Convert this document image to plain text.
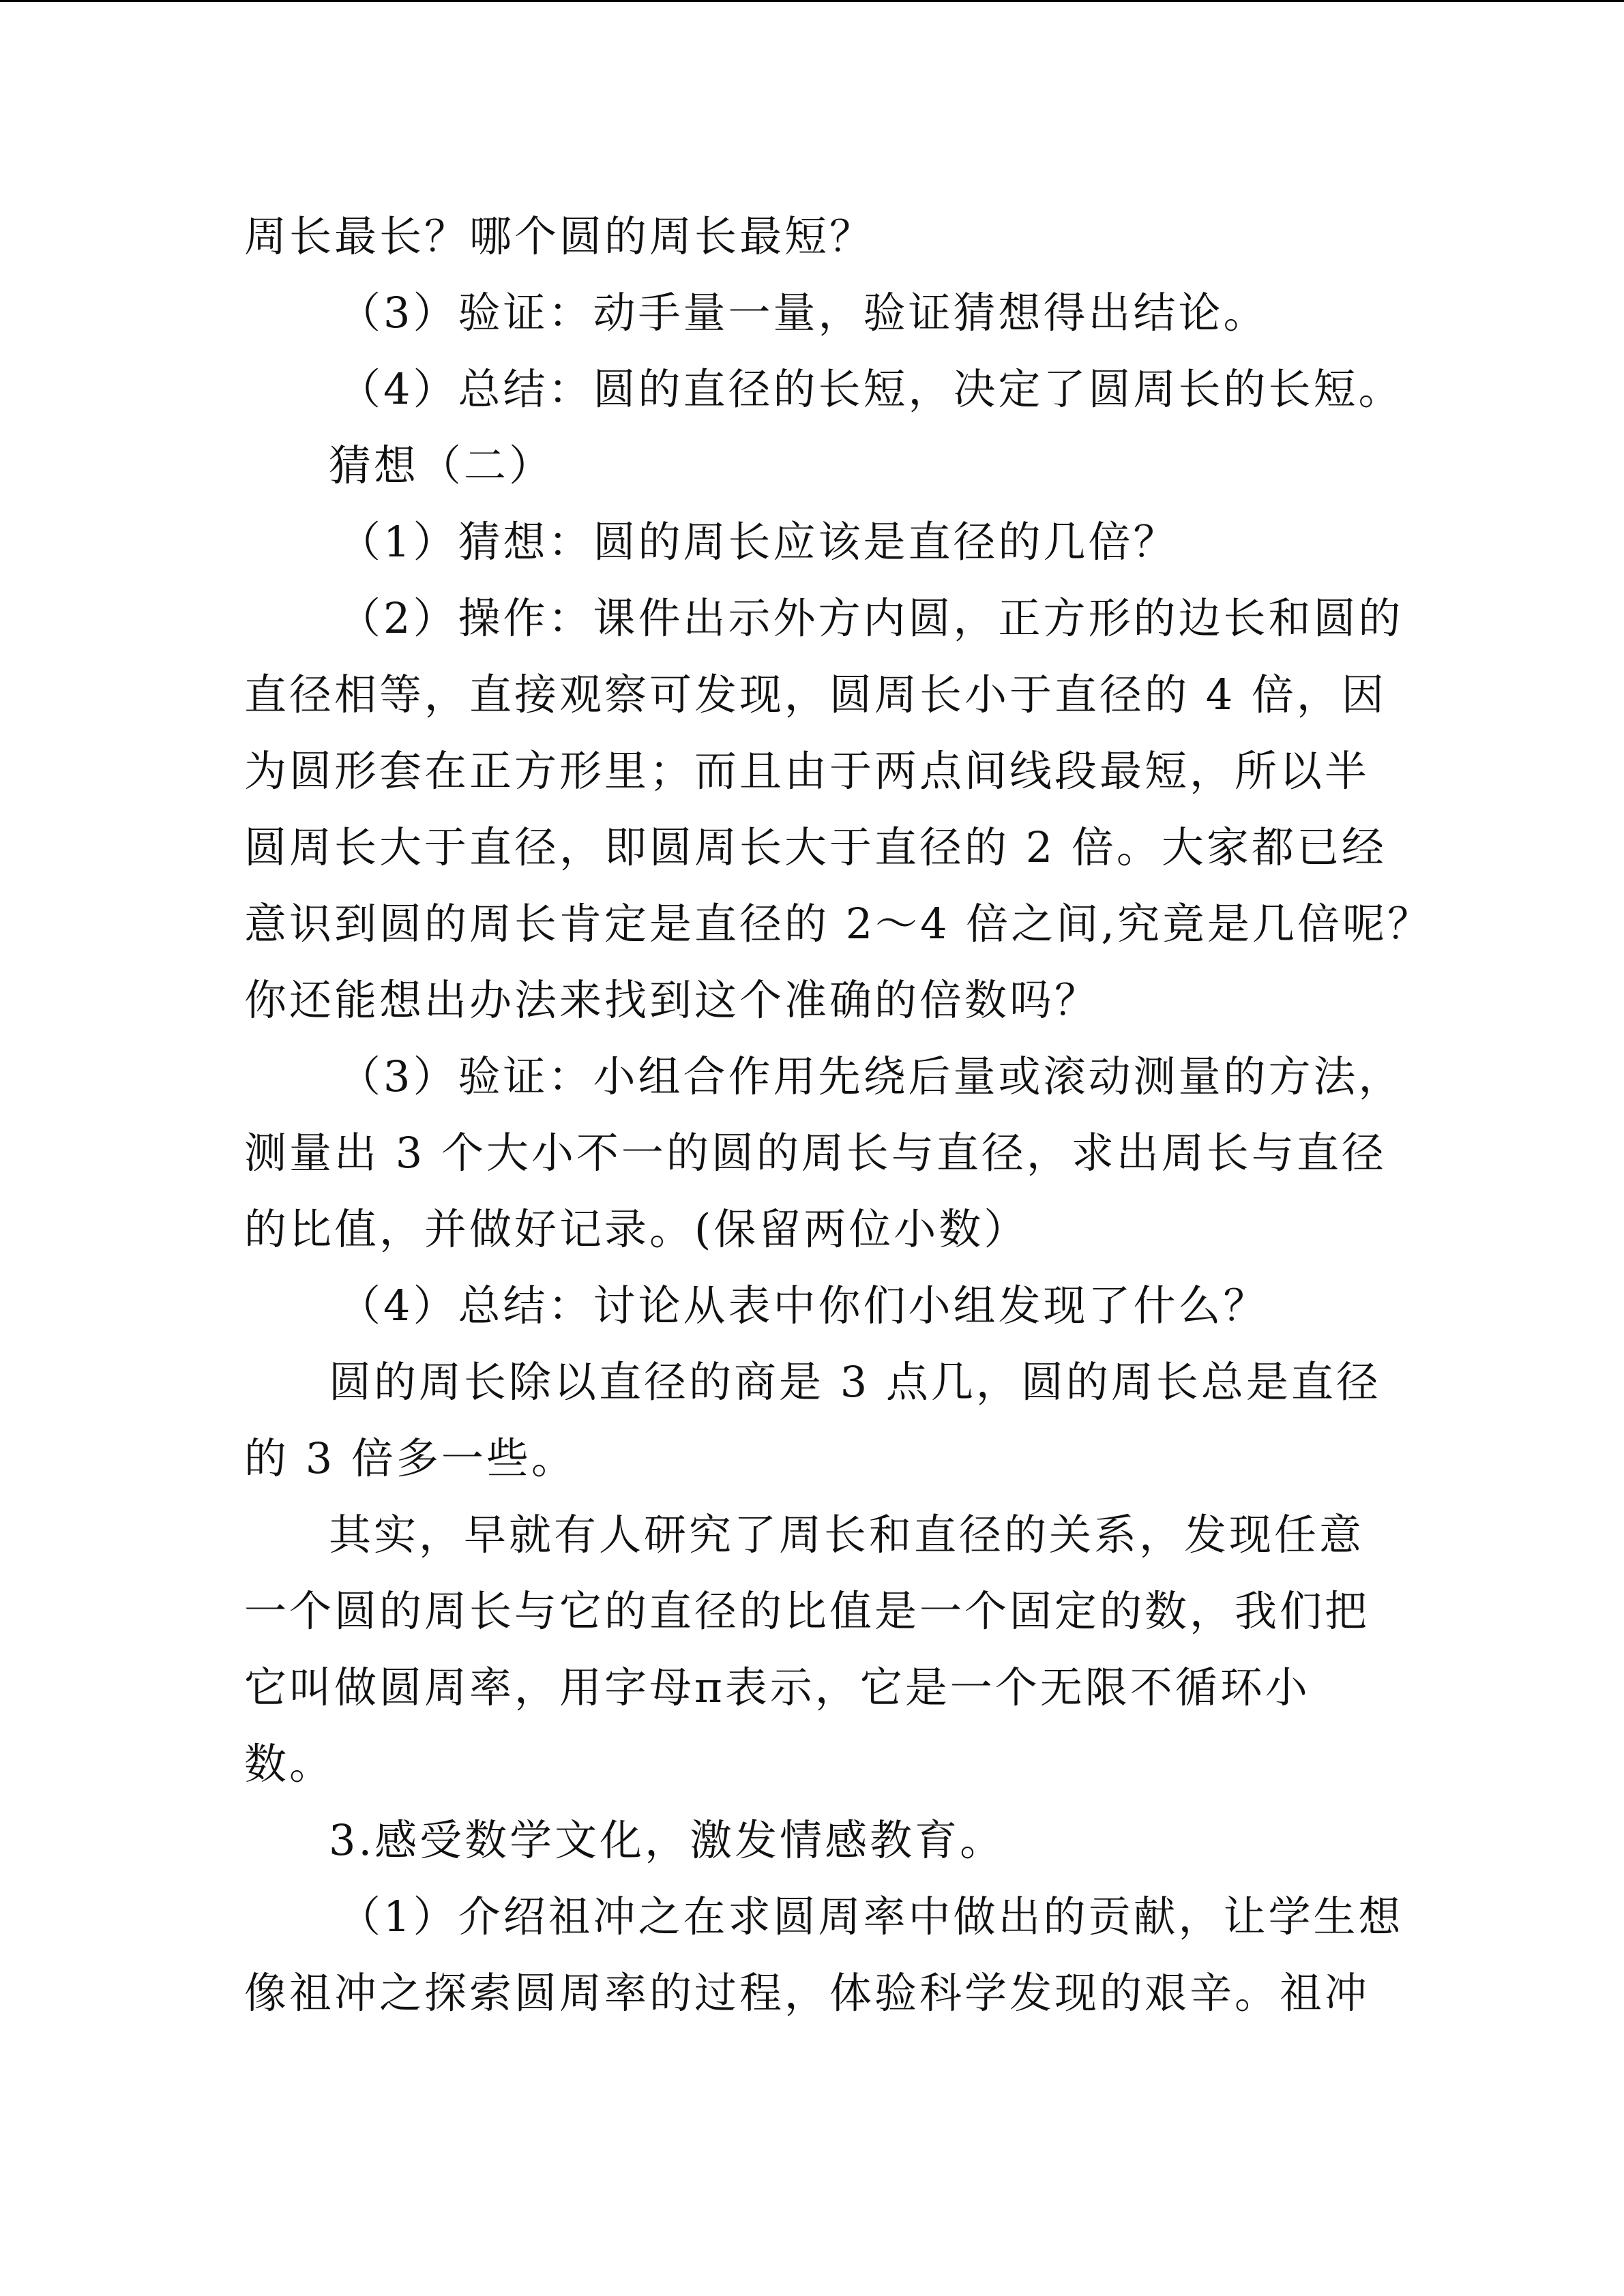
周长最长？哪个圆的周长最短？
（3）验证：动手量一量，验证猜想得出结论。
（4）总结：圆的直径的长短，决定了圆周长的长短。
猜想（二）
（1）猜想：圆的周长应该是直径的几倍？
（2）操作：课件出示外方内圆，正方形的边长和圆的
直径相等，直接观察可发现，圆周长小于直径的 4 倍，因
为圆形套在正方形里；而且由于两点间线段最短，所以半
圆周长大于直径，即圆周长大于直径的 2 倍。大家都已经
意识到圆的周长肯定是直径的 2～4 倍之间,究竟是几倍呢？
你还能想出办法来找到这个准确的倍数吗？
（3）验证：小组合作用先绕后量或滚动测量的方法，
测量出 3 个大小不一的圆的周长与直径，求出周长与直径
的比值，并做好记录。(保留两位小数）
（4）总结：讨论从表中你们小组发现了什么？
圆的周长除以直径的商是 3 点几，圆的周长总是直径
的 3 倍多一些。
其实，早就有人研究了周长和直径的关系，发现任意
一个圆的周长与它的直径的比值是一个固定的数，我们把
它叫做圆周率，用字母π表示，它是一个无限不循环小
数。
3.感受数学文化，激发情感教育。
（1）介绍祖冲之在求圆周率中做出的贡献，让学生想
像祖冲之探索圆周率的过程，体验科学发现的艰辛。祖冲
